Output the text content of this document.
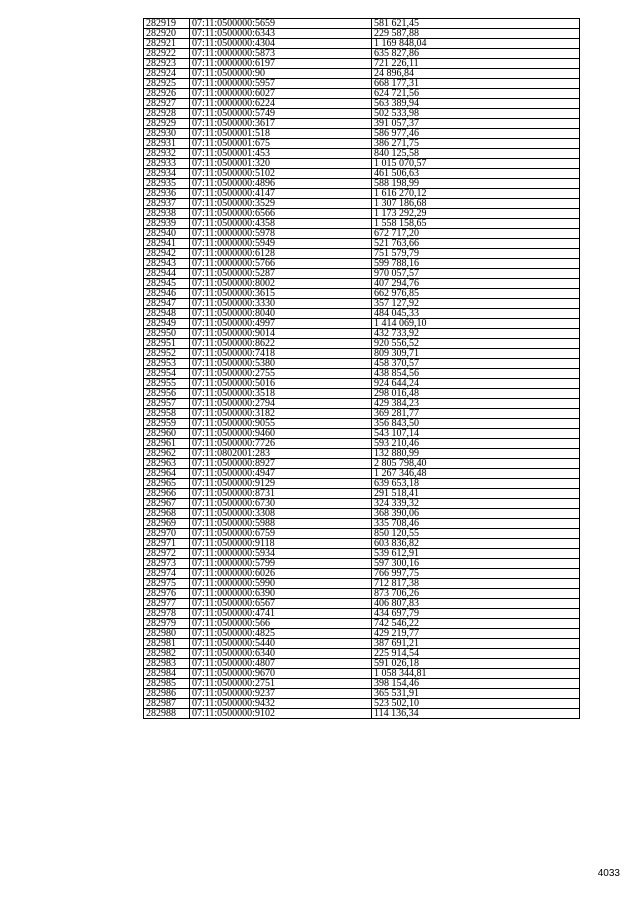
282919	07:11:0500000:5659	581 621,45
282920	07:11:0500000:6343	229 587,88
282921	07:11:0500000:4304	1 169 848,04
282922	07:11:0000000:5873	635 827,86
282923	07:11:0000000:6197	721 226,11
282924	07:11:0500000:90	24 896,84
282925	07:11:0000000:5957	668 177,31
282926	07:11:0000000:6027	624 721,56
282927	07:11:0000000:6224	563 389,94
282928	07:11:0500000:5749	502 533,98
282929	07:11:0500000:3617	391 057,37
282930	07:11:0500001:518	586 977,46
282931	07:11:0500001:675	386 271,75
282932	07:11:0500001:453	840 125,58
282933	07:11:0500001:320	1 015 070,57
282934	07:11:0500000:5102	461 506,63
282935	07:11:0500000:4896	588 198,99
282936	07:11:0500000:4147	1 616 270,12
282937	07:11:0500000:3529	1 307 186,68
282938	07:11:0500000:6566	1 173 292,29
282939	07:11:0500000:4358	1 558 158,65
282940	07:11:0000000:5978	672 717,20
282941	07:11:0000000:5949	521 763,66
282942	07:11:0000000:6128	751 579,79
282943	07:11:0000000:5766	599 788,16
282944	07:11:0500000:5287	970 057,57
282945	07:11:0500000:8002	407 294,76
282946	07:11:0500000:3615	662 976,85
282947	07:11:0500000:3330	357 127,92
282948	07:11:0500000:8040	484 045,33
282949	07:11:0500000:4997	1 414 069,10
282950	07:11:0500000:9014	432 733,92
282951	07:11:0500000:8622	920 556,52
282952	07:11:0500000:7418	809 309,71
282953	07:11:0500000:5380	458 370,57
282954	07:11:0500000:2755	438 854,56
282955	07:11:0500000:5016	924 644,24
282956	07:11:0500000:3518	298 016,48
282957	07:11:0500000:2794	429 384,23
282958	07:11:0500000:3182	369 281,77
282959	07:11:0500000:9055	356 843,50
282960	07:11:0500000:9460	543 107,14
282961	07:11:0500000:7726	593 210,46
282962	07:11:0802001:283	132 880,99
282963	07:11:0500000:8927	2 805 798,40
282964	07:11:0500000:4947	1 267 346,48
282965	07:11:0500000:9129	639 653,18
282966	07:11:0500000:8731	291 518,41
282967	07:11:0500000:6730	324 339,32
282968	07:11:0500000:3308	368 390,06
282969	07:11:0500000:5988	335 708,46
282970	07:11:0500000:6759	850 120,55
282971	07:11:0500000:9118	603 836,82
282972	07:11:0000000:5934	539 612,91
282973	07:11:0000000:5799	597 300,16
282974	07:11:0000000:6026	766 997,75
282975	07:11:0000000:5990	712 817,38
282976	07:11:0000000:6390	873 706,26
282977	07:11:0500000:6567	406 807,83
282978	07:11:0500000:4741	434 697,79
282979	07:11:0500000:566	742 546,22
282980	07:11:0500000:4825	429 219,77
282981	07:11:0500000:5440	387 691,21
282982	07:11:0500000:6340	225 914,54
282983	07:11:0500000:4807	591 026,18
282984	07:11:0500000:9670	1 058 344,81
282985	07:11:0500000:2751	398 154,46
282986	07:11:0500000:9237	365 531,91
282987	07:11:0500000:9432	523 502,10
282988	07:11:0500000:9102	114 136,34
4033
